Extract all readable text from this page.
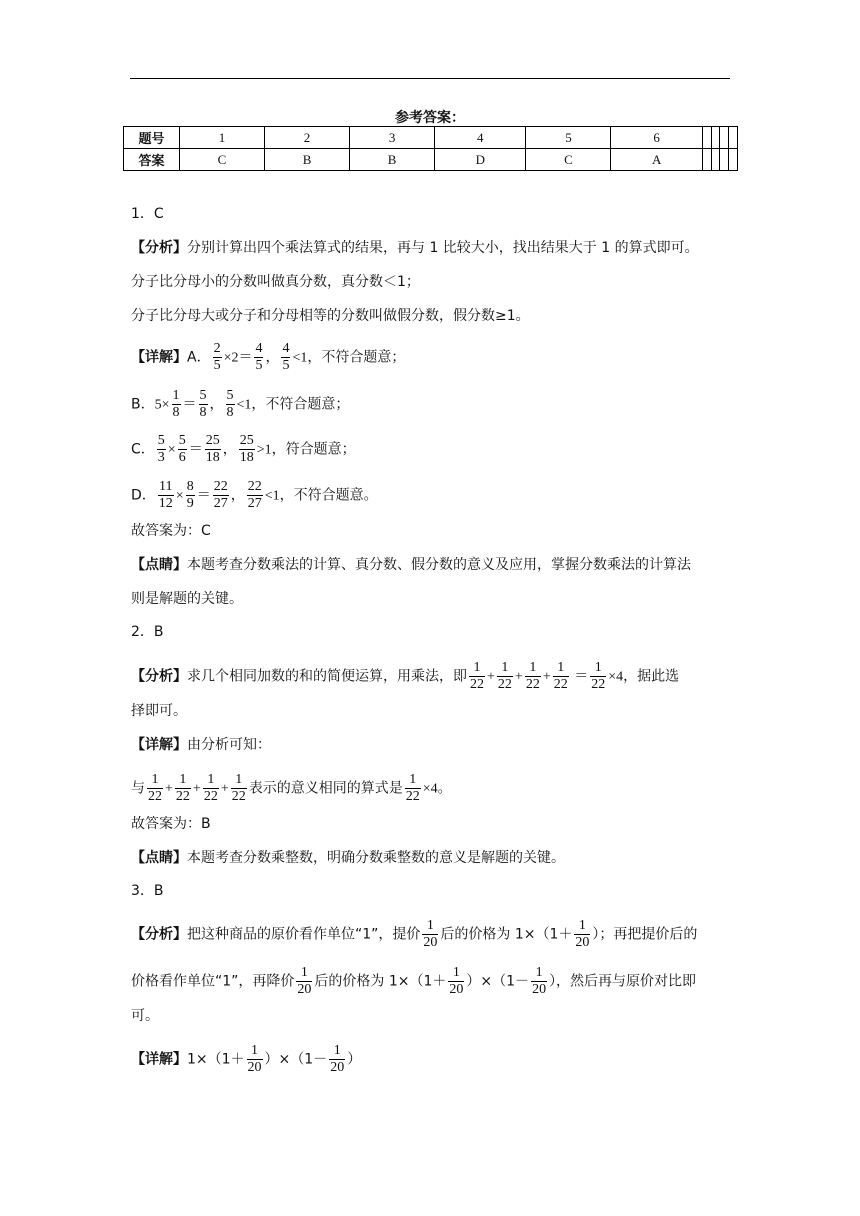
参考答案：
题号	1	2	3	4	5	6				
答案	C	B	B	D	C	A				
1．C
【分析】分别计算出四个乘法算式的结果，再与 1 比较大小，找出结果大于 1 的算式即可。
分子比分母小的分数叫做真分数，真分数＜1；
分子比分母大或分子和分母相等的分数叫做假分数，假分数≥1。
【详解】A． $\frac{2}{5} \times 2= \frac{4}{5}$ ， $\frac{4}{5} <1$，不符合题意；
B．$5\times \frac{1}{8} = \frac{5}{8}$ ， $\frac{5}{8} <1$，不符合题意；
C． $\frac{5}{3} \times \frac{5}{6} = \frac{25}{18}$ ， $\frac{25}{18} >1$，符合题意；
D． $\frac{11}{12} \times \frac{8}{9} = \frac{22}{27}$ ， $\frac{22}{27} <1$，不符合题意。
故答案为：C
【点睛】本题考查分数乘法的计算、真分数、假分数的意义及应用，掌握分数乘法的计算法
则是解题的关键。
2．B
【分析】求几个相同加数的和的简便运算，用乘法，即 $\frac{1}{22} + \frac{1}{22} + \frac{1}{22} + \frac{1}{22} = \frac{1}{22} \times 4$，据此选
择即可。
【详解】由分析可知：
与 $\frac{1}{22} + \frac{1}{22} + \frac{1}{22} + \frac{1}{22}$ 表示的意义相同的算式是 $\frac{1}{22} \times 4$。
故答案为：B
【点睛】本题考查分数乘整数，明确分数乘整数的意义是解题的关键。
3．B
【分析】把这种商品的原价看作单位“1”，提价 $\frac{1}{20}$ 后的价格为 $1\times(1+ \frac{1}{20}$ ）；再把提价后的
价格看作单位“1”，再降价 $\frac{1}{20}$ 后的价格为 $1\times(1+ \frac{1}{20} )\times(1- \frac{1}{20}$ ），然后再与原价对比即
可。
【详解】$1\times(1+ \frac{1}{20} )\times(1- \frac{1}{20}$ ）
